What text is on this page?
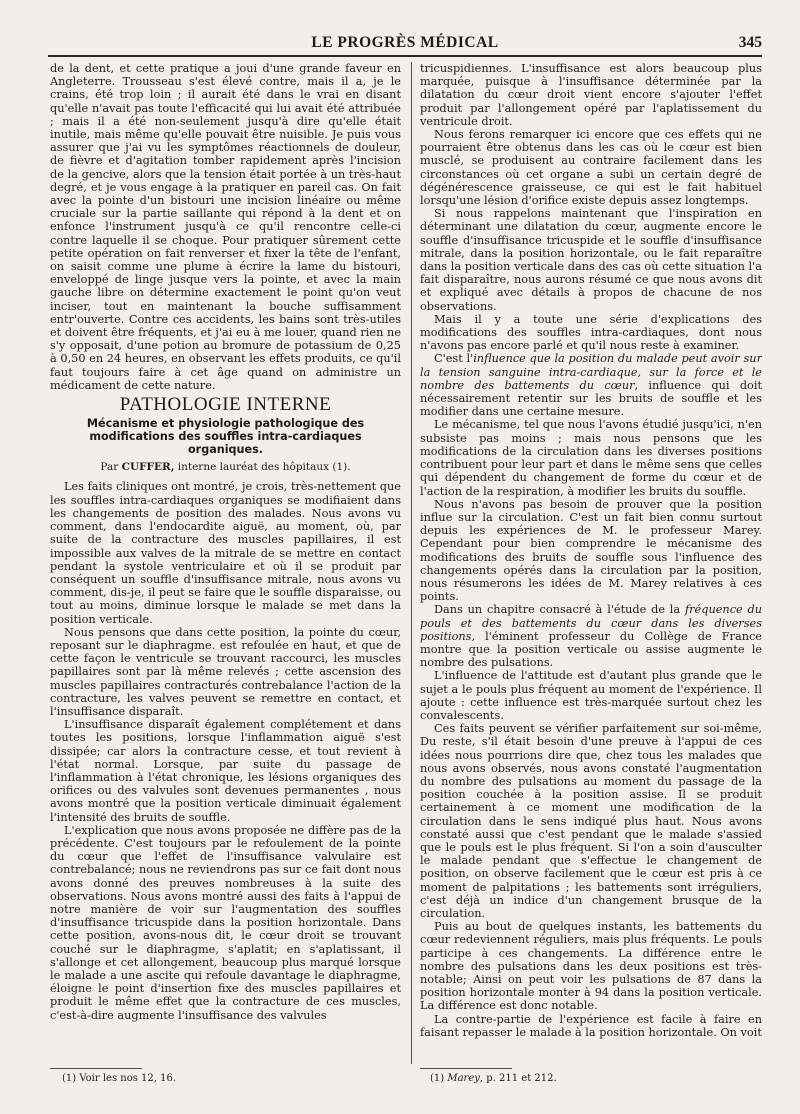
LE PROGRÈS MÉDICAL	345

de la dent, et cette pratique a joui d'une grande faveur en Angleterre. Trousseau s'est élevé contre, mais il a, je le crains, été trop loin ; il aurait été dans le vrai en disant qu'elle n'avait pas toute l'efficacité qui lui avait été attribuée ; mais il a été non-seulement jusqu'à dire qu'elle était inutile, mais même qu'elle pouvait être nuisible. Je puis vous assurer que j'ai vu les symptômes réactionnels de douleur, de fièvre et d'agitation tomber rapidement après l'incision de la gencive, alors que la tension était portée à un très-haut degré, et je vous engage à la pratiquer en pareil cas. On fait avec la pointe d'un bistouri une incision linéaire ou même cruciale sur la partie saillante qui répond à la dent et on enfonce l'instrument jusqu'à ce qu'il rencontre celle-ci contre laquelle il se choque. Pour pratiquer sûrement cette petite opération on fait renverser et fixer la tête de l'enfant, on saisit comme une plume à écrire la lame du bistouri, enveloppé de linge jusque vers la pointe, et avec la main gauche libre on détermine exactement le point qu'on veut inciser, tout en maintenant la bouche suffisamment entr'ouverte. Contre ces accidents, les bains sont très-utiles et doivent être fréquents, et j'ai eu à me louer, quand rien ne s'y opposait, d'une potion au bromure de potassium de 0,25 à 0,50 en 24 heures, en observant les effets produits, ce qu'il faut toujours faire à cet âge quand on administre un médicament de cette nature.

PATHOLOGIE INTERNE
Mécanisme et physiologie pathologique des modifications des souffles intra-cardiaques organiques.
Par CUFFER, interne lauréat des hôpitaux (1).

Les faits cliniques ont montré, je crois, très-nettement que les souffles intra-cardiaques organiques se modifiaient dans les changements de position des malades. Nous avons vu comment, dans l'endocardite aiguë, au moment, où, par suite de la contracture des muscles papillaires, il est impossible aux valves de la mitrale de se mettre en contact pendant la systole ventriculaire et où il se produit par conséquent un souffle d'insuffisance mitrale, nous avons vu comment, dis-je, il peut se faire que le souffle disparaisse, ou tout au moins, diminue lorsque le malade se met dans la position verticale.

Nous pensons que dans cette position, la pointe du cœur, reposant sur le diaphragme. est refoulée en haut, et que de cette façon le ventricule se trouvant raccourci, les muscles papillaires sont par là même relevés ; cette ascension des muscles papillaires contracturés contrebalance l'action de la contracture, les valves peuvent se remettre en contact, et l'insuffisance disparaît.

L'insuffisance disparaît également complétement et dans toutes les positions, lorsque l'inflammation aiguë s'est dissipée; car alors la contracture cesse, et tout revient à l'état normal. Lorsque, par suite du passage de l'inflammation à l'état chronique, les lésions organiques des orifices ou des valvules sont devenues permanentes , nous avons montré que la position verticale diminuait également l'intensité des bruits de souffle.

L'explication que nous avons proposée ne diffère pas de la précédente. C'est toujours par le refoulement de la pointe du cœur que l'effet de l'insuffisance valvulaire est contrebalancé; nous ne reviendrons pas sur ce fait dont nous avons donné des preuves nombreuses à la suite des observations. Nous avons montré aussi des faits à l'appui de notre manière de voir sur l'augmentation des souffles d'insuffisance tricuspide dans la position horizontale. Dans cette position, avons-nous dit, le cœur droit se trouvant couché sur le diaphragme, s'aplatit; en s'aplatissant, il s'allonge et cet allongement, beaucoup plus marqué lorsque le malade a une ascite qui refoule davantage le diaphragme, éloigne le point d'insertion fixe des muscles papillaires et produit le même effet que la contracture de ces muscles, c'est-à-dire augmente l'insuffisance des valvules

tricuspidiennes. L'insuffisance est alors beaucoup plus marquée, puisque à l'insuffisance déterminée par la dilatation du cœur droit vient encore s'ajouter l'effet produit par l'allongement opéré par l'aplatissement du ventricule droit.

Nous ferons remarquer ici encore que ces effets qui ne pourraient être obtenus dans les cas où le cœur est bien musclé, se produisent au contraire facilement dans les circonstances où cet organe a subi un certain degré de dégénérescence graisseuse, ce qui est le fait habituel lorsqu'une lésion d'orifice existe depuis assez longtemps.

Si nous rappelons maintenant que l'inspiration en déterminant une dilatation du cœur, augmente encore le souffle d'insuffisance tricuspide et le souffle d'insuffisance mitrale, dans la position horizontale, ou le fait reparaître dans la position verticale dans des cas où cette situation l'a fait disparaître, nous aurons résumé ce que nous avons dit et expliqué avec détails à propos de chacune de nos observations.

Mais il y a toute une série d'explications des modifications des souffles intra-cardiaques, dont nous n'avons pas encore parlé et qu'il nous reste à examiner.

C'est l'influence que la position du malade peut avoir sur la tension sanguine intra-cardiaque, sur la force et le nombre des battements du cœur, influence qui doit nécessairement retentir sur les bruits de souffle et les modifier dans une certaine mesure.

Le mécanisme, tel que nous l'avons étudié jusqu'ici, n'en subsiste pas moins ; mais nous pensons que les modifications de la circulation dans les diverses positions contribuent pour leur part et dans le même sens que celles qui dépendent du changement de forme du cœur et de l'action de la respiration, à modifier les bruits du souffle.

Nous n'avons pas besoin de prouver que la position influe sur la circulation. C'est un fait bien connu surtout depuis les expériences de M. le professeur Marey. Cependant pour bien comprendre le mécanisme des modifications des bruits de souffle sous l'influence des changements opérés dans la circulation par la position, nous résumerons les idées de M. Marey relatives à ces points.

Dans un chapitre consacré à l'étude de la fréquence du pouls et des battements du cœur dans les diverses positions, l'éminent professeur du Collège de France montre que la position verticale ou assise augmente le nombre des pulsations.

L'influence de l'attitude est d'autant plus grande que le sujet a le pouls plus fréquent au moment de l'expérience. Il ajoute : cette influence est très-marquée surtout chez les convalescents.

Ces faits peuvent se vérifier parfaitement sur soi-même, Du reste, s'il était besoin d'une preuve à l'appui de ces idées nous pourrions dire que, chez tous les malades que nous avons observés, nous avons constaté l'augmentation du nombre des pulsations au moment du passage de la position couchée à la position assise. Il se produit certainement à ce moment une modification de la circulation dans le sens indiqué plus haut. Nous avons constaté aussi que c'est pendant que le malade s'assied que le pouls est le plus fréquent. Si l'on a soin d'ausculter le malade pendant que s'effectue le changement de position, on observe facilement que le cœur est pris à ce moment de palpitations ; les battements sont irréguliers, c'est déjà un indice d'un changement brusque de la circulation.

Puis au bout de quelques instants, les battements du cœur redeviennent réguliers, mais plus fréquents. Le pouls participe à ces changements. La différence entre le nombre des pulsations dans les deux positions est très-notable; Ainsi on peut voir les pulsations de 87 dans la position horizontale monter à 94 dans la position verticale. La différence est donc notable.

La contre-partie de l'expérience est facile à faire en faisant repasser le malade à la position horizontale. On voit

(1) Voir les nos 12, 16.	(1) Marey, p. 211 et 212.
